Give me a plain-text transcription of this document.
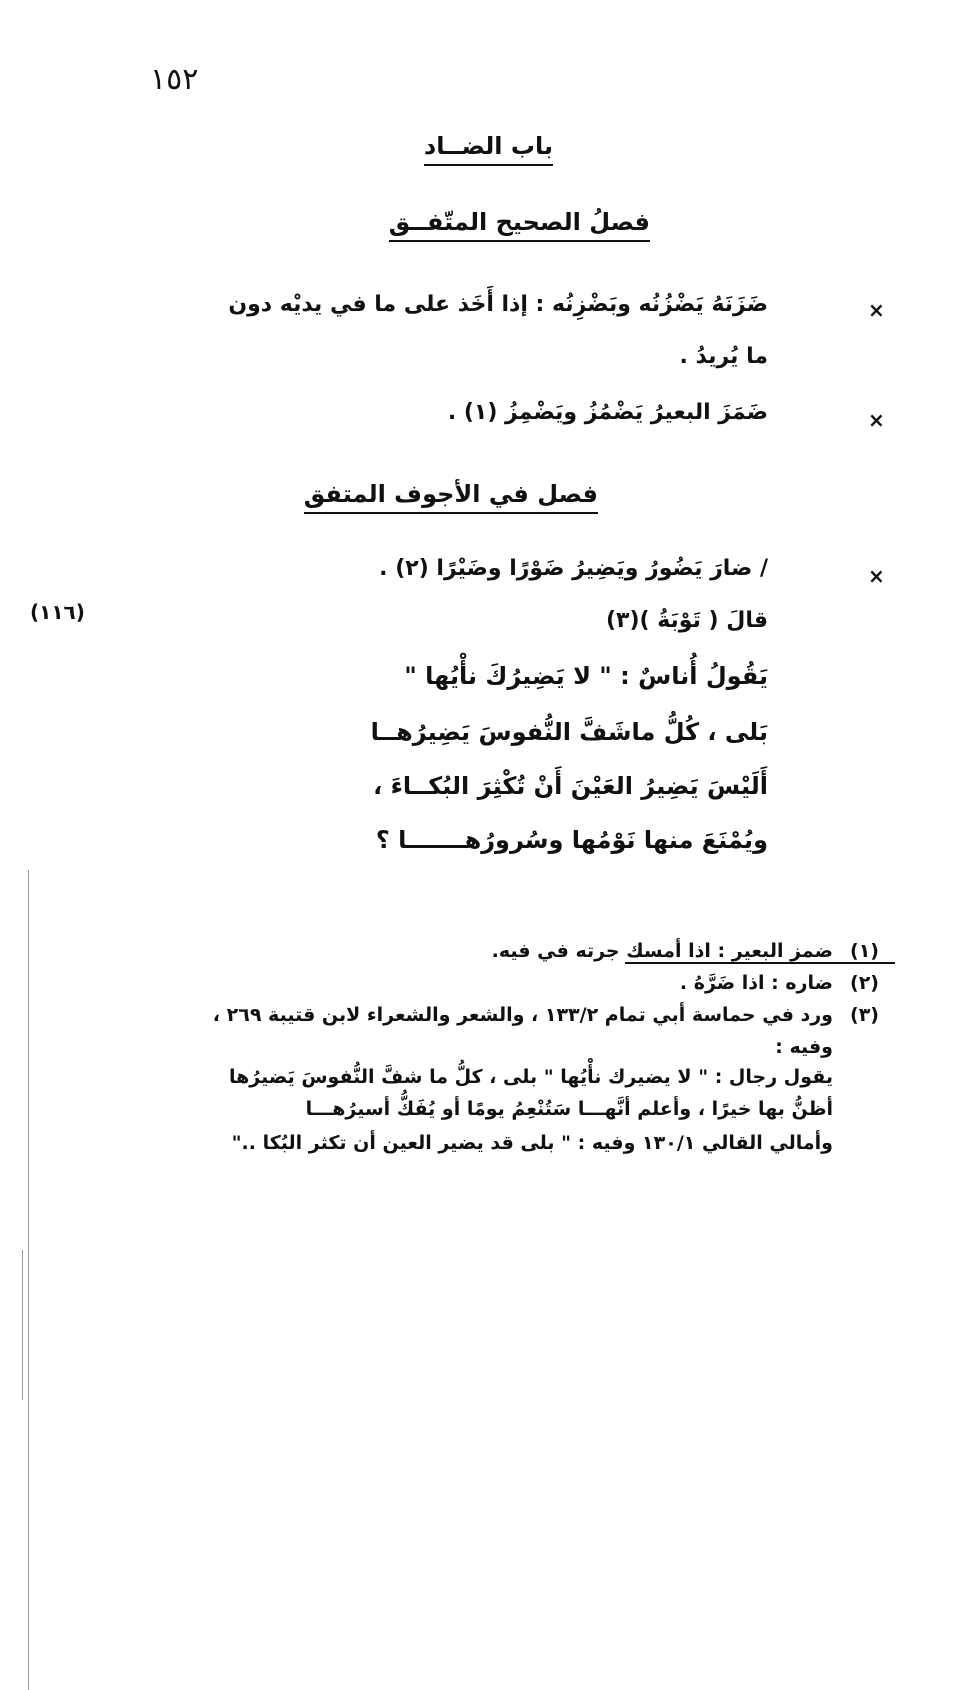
١٥٢
باب الضــاد
فصلُ الصحيح المتّفــق
×
ضَزَنَهُ يَضْزُنُه وبَضْزِنُه : إذا أَخَذ على ما في يديْه دون
ما يُريدُ .
×
ضَمَزَ البعيرُ يَضْمُزُ ويَضْمِزُ (١) .
فصل في الأجوف المتفق
×
/ ضارَ يَضُورُ ويَضِيرُ ضَوْرًا وضَيْرًا (٢) .
(١١٦)	قالَ ( تَوْبَةُ )(٣)
يَقُولُ أُناسٌ : " لا يَضِيرُكَ نأْيُها "
بَلى ، كُلُّ ماشَفَّ النُّفوسَ يَضِيرُهــا
أَلَيْسَ يَضِيرُ العَيْنَ أَنْ تُكْثِرَ البُكــاءَ ،
ويُمْنَعَ منها نَوْمُها وسُرورُهـــــــا ؟
(١)
ضمز البعير : اذا أمسك جرته في فيه.
(٢)
ضاره : اذا ضَرَّهُ .
(٣)
ورد في حماسة أبي تمام ١٣٣/٢ ، والشعر والشعراء لابن قتيبة ٢٦٩ ،
وفيه :
يقول رجال : " لا يضيرك نأْيُها " بلى ، كلُّ ما شفَّ النُّفوسَ يَضيرُها
أظنُّ بها خيرًا ، وأعلم أنَّهـــا سَتُنْعِمُ يومًا أو يُفَكُّ أسيرُهـــا
وأمالي القالي ١٣٠/١ وفيه : " بلى قد يضير العين أن تكثر البُكا .."
